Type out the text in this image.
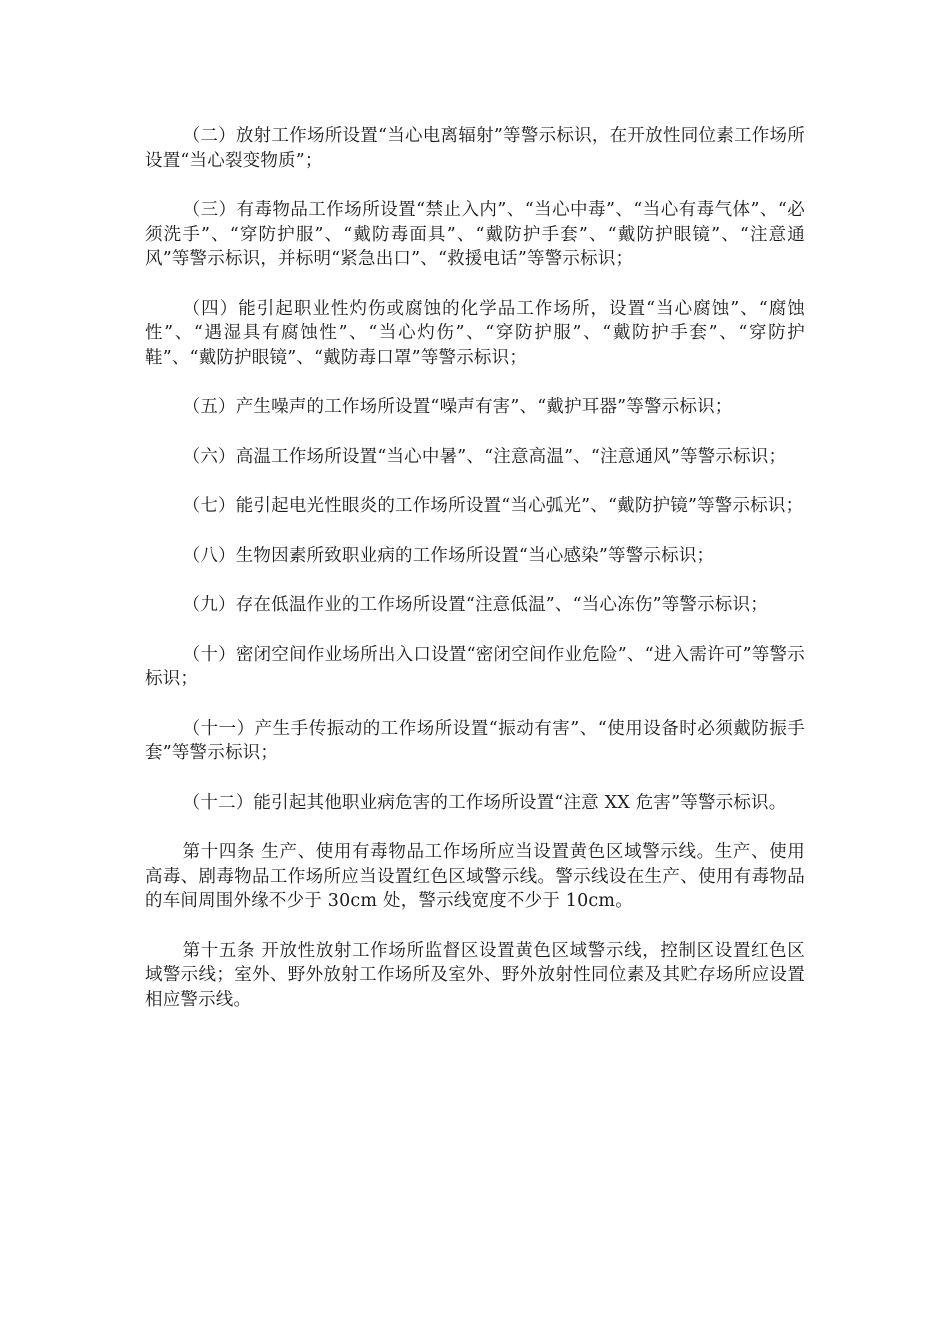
（二）放射工作场所设置“当心电离辐射”等警示标识，在开放性同位素工作场所设置“当心裂变物质”；

（三）有毒物品工作场所设置“禁止入内”、“当心中毒”、“当心有毒气体”、“必须洗手”、“穿防护服”、“戴防毒面具”、“戴防护手套”、“戴防护眼镜”、“注意通风”等警示标识，并标明“紧急出口”、“救援电话”等警示标识；

（四）能引起职业性灼伤或腐蚀的化学品工作场所，设置“当心腐蚀”、“腐蚀性”、“遇湿具有腐蚀性”、“当心灼伤”、“穿防护服”、“戴防护手套”、“穿防护鞋”、“戴防护眼镜”、“戴防毒口罩”等警示标识；

（五）产生噪声的工作场所设置“噪声有害”、“戴护耳器”等警示标识；

（六）高温工作场所设置“当心中暑”、“注意高温”、“注意通风”等警示标识；

（七）能引起电光性眼炎的工作场所设置“当心弧光”、“戴防护镜”等警示标识；

（八）生物因素所致职业病的工作场所设置“当心感染”等警示标识；

（九）存在低温作业的工作场所设置“注意低温”、“当心冻伤”等警示标识；

（十）密闭空间作业场所出入口设置“密闭空间作业危险”、“进入需许可”等警示标识；

（十一）产生手传振动的工作场所设置“振动有害”、“使用设备时必须戴防振手套”等警示标识；

（十二）能引起其他职业病危害的工作场所设置“注意 XX 危害”等警示标识。

第十四条 生产、使用有毒物品工作场所应当设置黄色区域警示线。生产、使用高毒、剧毒物品工作场所应当设置红色区域警示线。警示线设在生产、使用有毒物品的车间周围外缘不少于 30cm 处，警示线宽度不少于 10cm。

第十五条 开放性放射工作场所监督区设置黄色区域警示线，控制区设置红色区域警示线；室外、野外放射工作场所及室外、野外放射性同位素及其贮存场所应设置相应警示线。
